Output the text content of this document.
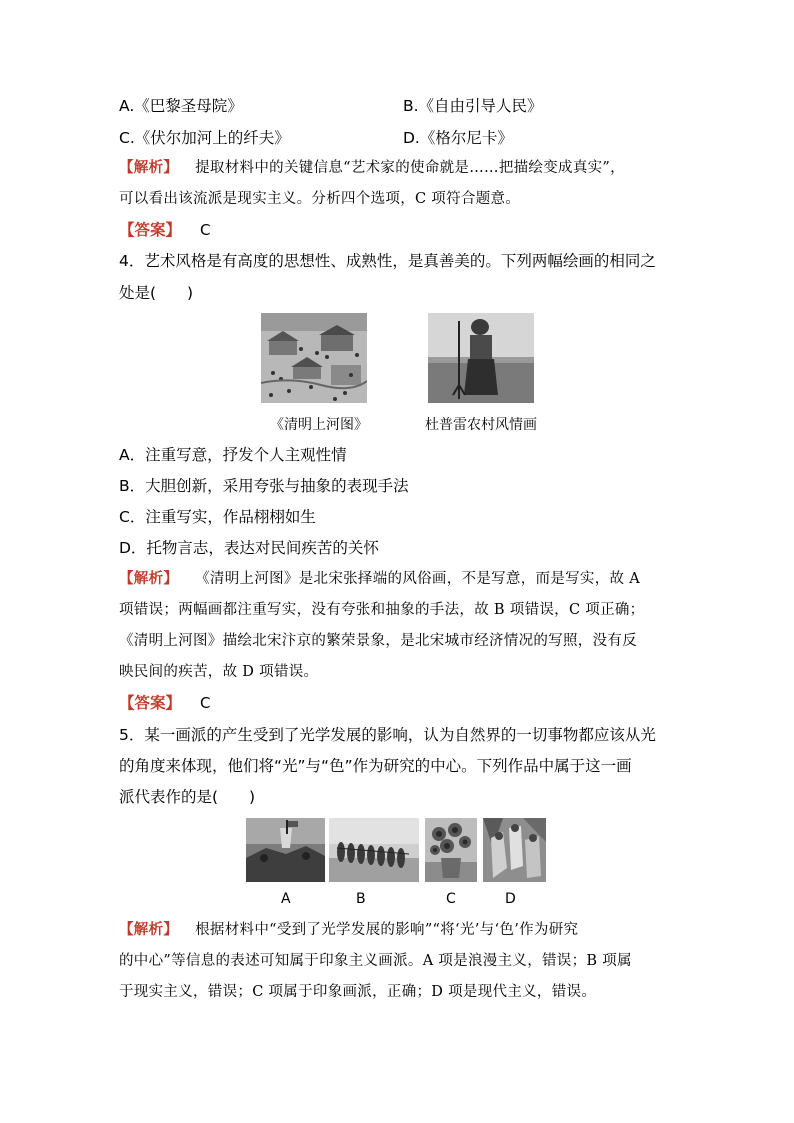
A.《巴黎圣母院》	B.《自由引导人民》
C.《伏尔加河上的纤夫》	D.《格尔尼卡》
【解析】 提取材料中的关键信息“艺术家的使命就是……把描绘变成真实”，
可以看出该流派是现实主义。分析四个选项，C 项符合题意。
【答案】 C
4．艺术风格是有高度的思想性、成熟性，是真善美的。下列两幅绘画的相同之
处是(　　)
《清明上河图》	杜普雷农村风情画
A．注重写意，抒发个人主观性情
B．大胆创新，采用夸张与抽象的表现手法
C．注重写实，作品栩栩如生
D．托物言志，表达对民间疾苦的关怀
【解析】 《清明上河图》是北宋张择端的风俗画，不是写意，而是写实，故 A
项错误；两幅画都注重写实，没有夸张和抽象的手法，故 B 项错误，C 项正确；
《清明上河图》描绘北宋汴京的繁荣景象，是北宋城市经济情况的写照，没有反
映民间的疾苦，故 D 项错误。
【答案】 C
5．某一画派的产生受到了光学发展的影响，认为自然界的一切事物都应该从光
的角度来体现，他们将“光”与“色”作为研究的中心。下列作品中属于这一画
派代表作的是(　　)
A	B	C	D
【解析】 根据材料中“受到了光学发展的影响”“将‘光’与‘色’作为研究
的中心”等信息的表述可知属于印象主义画派。A 项是浪漫主义，错误；B 项属
于现实主义，错误；C 项属于印象画派，正确；D 项是现代主义，错误。
